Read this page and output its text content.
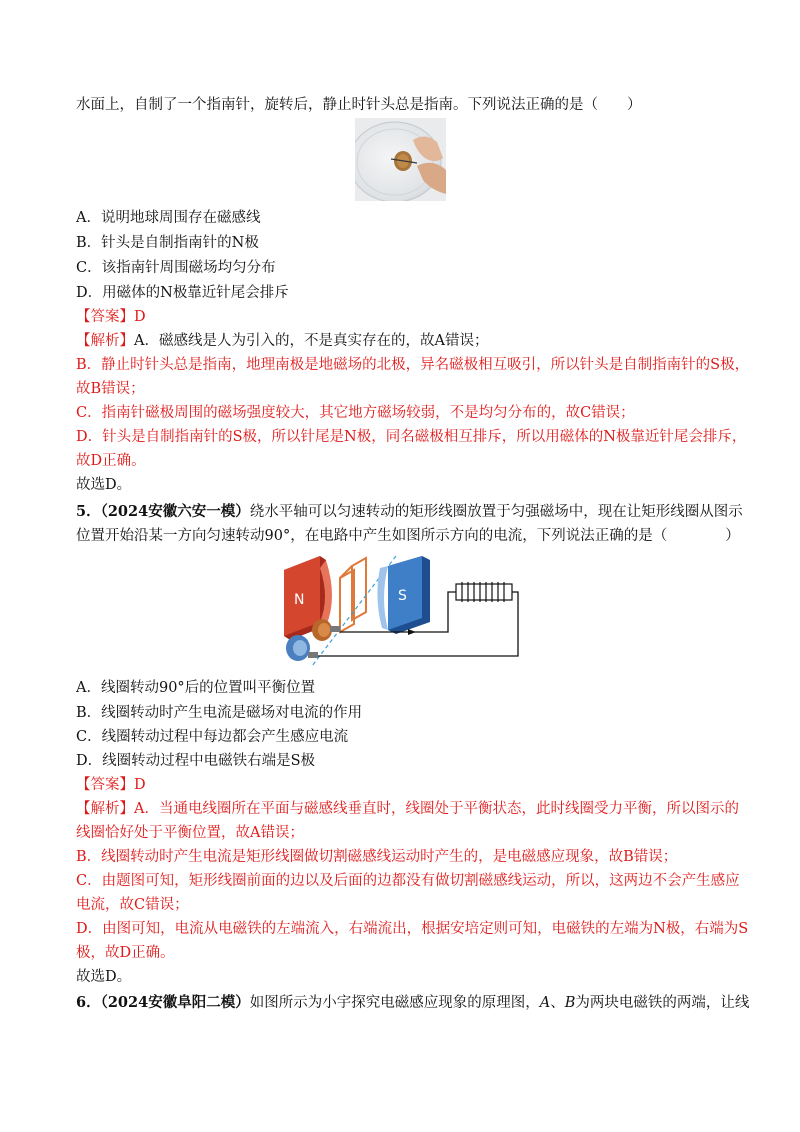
水面上，自制了一个指南针，旋转后，静止时针头总是指南。下列说法正确的是（　　）
A．说明地球周围存在磁感线
B．针头是自制指南针的N极
C．该指南针周围磁场均匀分布
D．用磁体的N极靠近针尾会排斥
【答案】D
【解析】A．磁感线是人为引入的，不是真实存在的，故A错误；
B．静止时针头总是指南，地理南极是地磁场的北极，异名磁极相互吸引，所以针头是自制指南针的S极，
故B错误；
C．指南针磁极周围的磁场强度较大，其它地方磁场较弱，不是均匀分布的，故C错误；
D．针头是自制指南针的S极，所以针尾是N极，同名磁极相互排斥，所以用磁体的N极靠近针尾会排斥，
故D正确。
故选D。
5．（2024安徽六安一模）绕水平轴可以匀速转动的矩形线圈放置于匀强磁场中，现在让矩形线圈从图示
位置开始沿某一方向匀速转动90°，在电路中产生如图所示方向的电流，下列说法正确的是（　　　　）
N	S
A．线圈转动90°后的位置叫平衡位置
B．线圈转动时产生电流是磁场对电流的作用
C．线圈转动过程中每边都会产生感应电流
D．线圈转动过程中电磁铁右端是S极
【答案】D
【解析】A．当通电线圈所在平面与磁感线垂直时，线圈处于平衡状态，此时线圈受力平衡，所以图示的
线圈恰好处于平衡位置，故A错误；
B．线圈转动时产生电流是矩形线圈做切割磁感线运动时产生的，是电磁感应现象，故B错误；
C．由题图可知，矩形线圈前面的边以及后面的边都没有做切割磁感线运动，所以，这两边不会产生感应
电流，故C错误；
D．由图可知，电流从电磁铁的左端流入，右端流出，根据安培定则可知，电磁铁的左端为N极，右端为S
极，故D正确。
故选D。
6．（2024安徽阜阳二模）如图所示为小宇探究电磁感应现象的原理图，A、B为两块电磁铁的两端，让线
